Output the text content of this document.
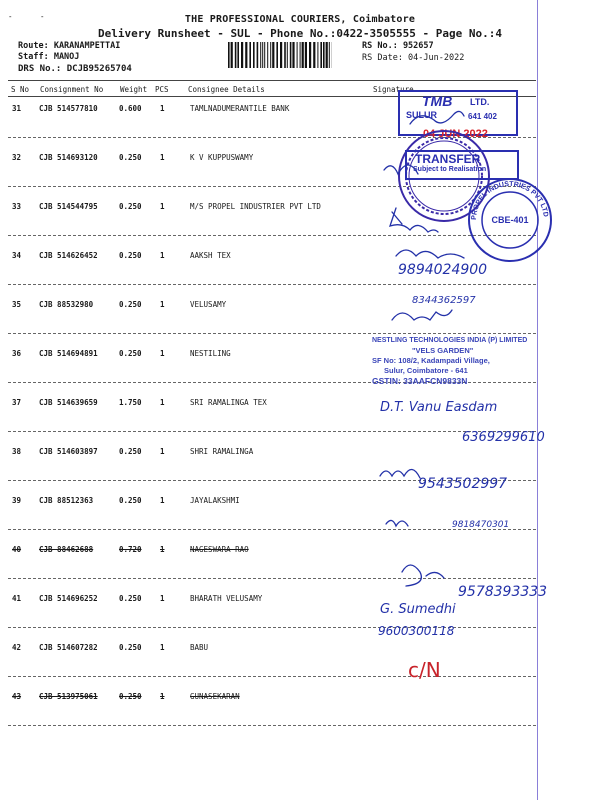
-	-	THE PROFESSIONAL COURIERS, Coimbatore
Delivery Runsheet - SUL - Phone No.:0422-3505555 - Page No.:4
Route: KARANAMPETTAI
Staff: MANOJ
DRS No.: DCJB95265704
RS No.: 952657
RS Date: 04-Jun-2022
S No Consignment No Weight PCS	Consignee Details	Signature
31 CJB 514577810	0.600 1	TAMLNADUMERANTILE BANK
32 CJB 514693120	0.250 1	K V KUPPUSWAMY
33 CJB 514544795	0.250 1	M/S PROPEL INDUSTRIER PVT LTD
34 CJB 514626452	0.250 1	AAKSH TEX
35 CJB 88532980	0.250 1	VELUSAMY
36 CJB 514694891	0.250 1	NESTILING
37 CJB 514639659	1.750 1	SRI RAMALINGA TEX
38 CJB 514603897	0.250 1	SHRI RAMALINGA
39 CJB 88512363	0.250 1	JAYALAKSHMI
40 CJB 88462688	0.720 1	NAGESWARA RAO
41 CJB 514696252	0.250 1	BHARATH VELUSAMY
42 CJB 514607282	0.250 1	BABU
43 CJB 513975061	0.250 1	GUNASEKARAN
TMB LTD.
SULUR	641 402
04 JUN 2022
TRANSFER
Subject to Realisation
PROPEL INDUSTRIES PVT LTD
CBE-401
NESTLING TECHNOLOGIES INDIA (P) LIMITED
"VELS GARDEN"
SF No: 108/2, Kadampadi Village,
Sulur, Coimbatore - 641
GSTIN: 33AAFCN9833N
9894024900
8344362597
D.T. Vanu Easdam
6369299610
9543502997
9818470301
9578393333
G. Sumedhi
9600300118
c/N
